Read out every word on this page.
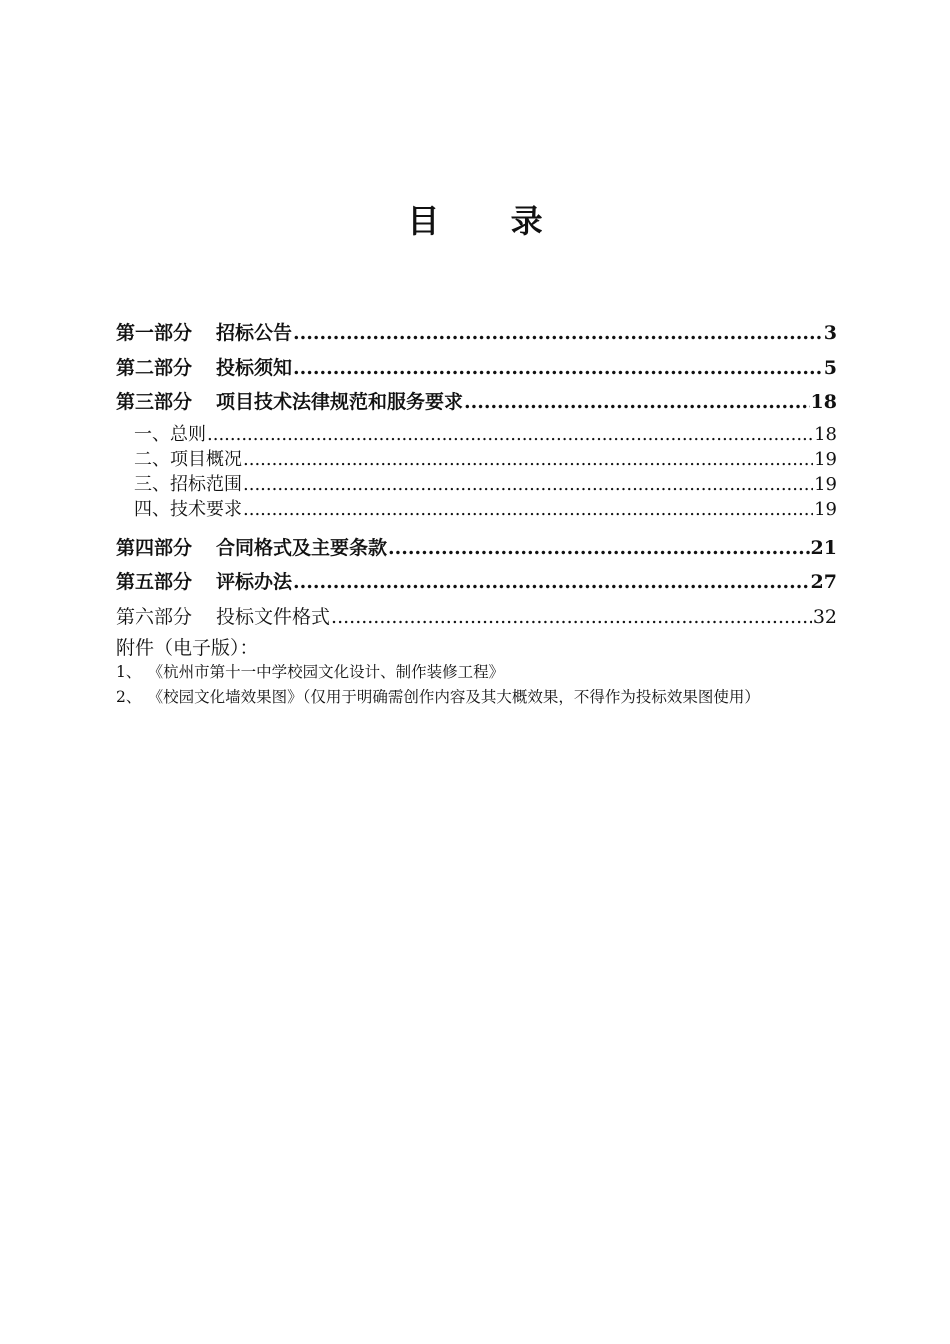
目 录
第一部分 招标公告 .....	3
第二部分 投标须知 .....	5
第三部分 项目技术法律规范和服务要求 .....	18
一、总则 .....	18
二、项目概况 .....	19
三、招标范围 .....	19
四、技术要求 .....	19
第四部分 合同格式及主要条款 .....	21
第五部分 评标办法 .....	27
第六部分 投标文件格式 .....	32
附件（电子版）：
1、 《杭州市第十一中学校园文化设计、制作装修工程》
2、 《校园文化墙效果图》（仅用于明确需创作内容及其大概效果，不得作为投标效果图使用）
